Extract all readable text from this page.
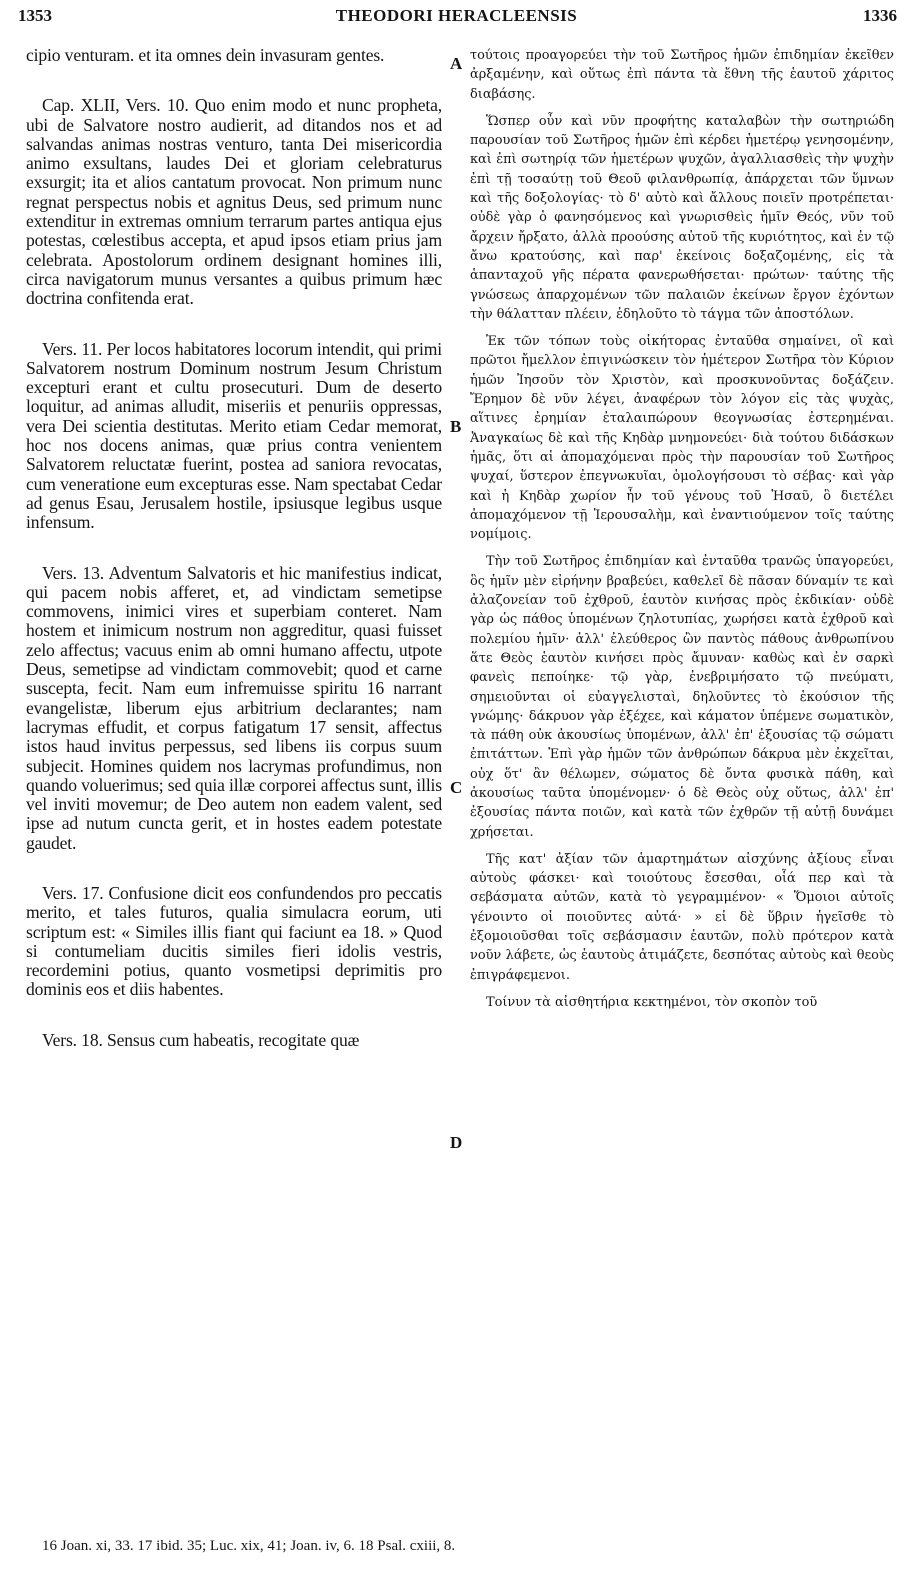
1353	THEODORI HERACLEENSIS	1336

cipio venturam. et ita omnes dein invasuram gentes.

Cap. XLII, Vers. 10. Quo enim modo et nunc propheta, ubi de Salvatore nostro audierit, ad ditandos nos et ad salvandas animas nostras venturo, tanta Dei misericordia animo exsultans, laudes Dei et gloriam celebraturus exsurgit; ita et alios cantatum provocat. Non primum nunc regnat perspectus nobis et agnitus Deus, sed primum nunc extenditur in extremas omnium terrarum partes antiqua ejus potestas, cœlestibus accepta, et apud ipsos etiam prius jam celebrata. Apostolorum ordinem designant homines illi, circa navigatorum munus versantes a quibus primum hæc doctrina confitenda erat.

Vers. 11. Per locos habitatores locorum intendit, qui primi Salvatorem nostrum Dominum nostrum Jesum Christum excepturi erant et cultu prosecuturi. Dum de deserto loquitur, ad animas alludit, miseriis et penuriis oppressas, vera Dei scientia destitutas. Merito etiam Cedar memorat, hoc nos docens animas, quæ prius contra venientem Salvatorem reluctatæ fuerint, postea ad saniora revocatas, cum veneratione eum excepturas esse. Nam spectabat Cedar ad genus Esau, Jerusalem hostile, ipsiusque legibus usque infensum.

Vers. 13. Adventum Salvatoris et hic manifestius indicat, qui pacem nobis afferet, et, ad vindictam semetipse commovens, inimici vires et superbiam conteret. Nam hostem et inimicum nostrum non aggreditur, quasi fuisset zelo affectus; vacuus enim ab omni humano affectu, utpote Deus, semetipse ad vindictam commovebit; quod et carne suscepta, fecit. Nam eum infremuisse spiritu 16 narrant evangelistæ, liberum ejus arbitrium declarantes; nam lacrymas effudit, et corpus fatigatum 17 sensit, affectus istos haud invitus perpessus, sed libens iis corpus suum subjecit. Homines quidem nos lacrymas profundimus, non quando voluerimus; sed quia illæ corporei affectus sunt, illis vel inviti movemur; de Deo autem non eadem valent, sed ipse ad nutum cuncta gerit, et in hostes eadem potestate gaudet.

Vers. 17. Confusione dicit eos confundendos pro peccatis merito, et tales futuros, qualia simulacra eorum, uti scriptum est: « Similes illis fiant qui faciunt ea 18. » Quod si contumeliam ducitis similes fieri idolis vestris, recordemini potius, quanto vosmetipsi deprimitis pro dominis eos et diis habentes.

Vers. 18. Sensus cum habeatis, recogitate quæ

τούτοις προαγορεύει τὴν τοῦ Σωτῆρος ἡμῶν ἐπιδημίαν ἐκεῖθεν ἀρξαμένην, καὶ οὕτως ἐπὶ πάντα τὰ ἔθνη τῆς ἑαυτοῦ χάριτος διαβάσης.

Ὥσπερ οὖν καὶ νῦν προφήτης καταλαβὼν τὴν σωτηριώδη παρουσίαν τοῦ Σωτῆρος ἡμῶν ἐπὶ κέρδει ἡμετέρῳ γενησομένην, καὶ ἐπὶ σωτηρίᾳ τῶν ἡμετέρων ψυχῶν, ἀγαλλιασθεὶς τὴν ψυχὴν ἐπὶ τῇ τοσαύτῃ τοῦ Θεοῦ φιλανθρωπίᾳ, ἀπάρχεται τῶν ὕμνων καὶ τῆς δοξολογίας· τὸ δ' αὐτὸ καὶ ἄλλους ποιεῖν προτρέπεται· οὐδὲ γὰρ ὁ φανησόμενος καὶ γνωρισθεὶς ἡμῖν Θεός, νῦν τοῦ ἄρχειν ἤρξατο, ἀλλὰ προούσης αὐτοῦ τῆς κυριότητος, καὶ ἐν τῷ ἄνω κρατούσης, καὶ παρ' ἐκείνοις δοξαζομένης, εἰς τὰ ἁπανταχοῦ γῆς πέρατα φανερωθήσεται· πρώτων· ταύτης τῆς γνώσεως ἀπαρχομένων τῶν παλαιῶν ἐκείνων ἔργον ἐχόντων τὴν θάλατταν πλέειν, ἐδηλοῦτο τὸ τάγμα τῶν ἀποστόλων.

Ἐκ τῶν τόπων τοὺς οἰκήτορας ἐνταῦθα σημαίνει, οἳ καὶ πρῶτοι ἤμελλον ἐπιγινώσκειν τὸν ἡμέτερον Σωτῆρα τὸν Κύριον ἡμῶν Ἰησοῦν τὸν Χριστὸν, καὶ προσκυνοῦντας δοξάζειν. Ἔρημον δὲ νῦν λέγει, ἀναφέρων τὸν λόγον εἰς τὰς ψυχὰς, αἵτινες ἐρημίαν ἐταλαιπώρουν θεογνωσίας ἐστερημέναι. Ἀναγκαίως δὲ καὶ τῆς Κηδὰρ μνημονεύει· διὰ τούτου διδάσκων ἡμᾶς, ὅτι αἱ ἀπομαχόμεναι πρὸς τὴν παρουσίαν τοῦ Σωτῆρος ψυχαί, ὕστερον ἐπεγνωκυῖαι, ὁμολογήσουσι τὸ σέβας· καὶ γὰρ καὶ ἡ Κηδὰρ χωρίον ἦν τοῦ γένους τοῦ Ἡσαῦ, ὃ διετέλει ἀπομαχόμενον τῇ Ἱερουσαλὴμ, καὶ ἐναντιούμενον τοῖς ταύτης νομίμοις.

Τὴν τοῦ Σωτῆρος ἐπιδημίαν καὶ ἐνταῦθα τρανῶς ὑπαγορεύει, ὃς ἡμῖν μὲν εἰρήνην βραβεύει, καθελεῖ δὲ πᾶσαν δύναμίν τε καὶ ἀλαζονείαν τοῦ ἐχθροῦ, ἑαυτὸν κινήσας πρὸς ἐκδικίαν· οὐδὲ γὰρ ὡς πάθος ὑπομένων ζηλοτυπίας, χωρήσει κατὰ ἐχθροῦ καὶ πολεμίου ἡμῖν· ἀλλ' ἐλεύθερος ὢν παντὸς πάθους ἀνθρωπίνου ἅτε Θεὸς ἑαυτὸν κινήσει πρὸς ἄμυναν· καθὼς καὶ ἐν σαρκὶ φανεὶς πεποίηκε· τῷ γὰρ, ἐνεβριμήσατο τῷ πνεύματι, σημειοῦνται οἱ εὐαγγελισταὶ, δηλοῦντες τὸ ἑκούσιον τῆς γνώμης· δάκρυον γὰρ ἐξέχεε, καὶ κάματον ὑπέμενε σωματικὸν, τὰ πάθη οὐκ ἀκουσίως ὑπομένων, ἀλλ' ἐπ' ἐξουσίας τῷ σώματι ἐπιτάττων. Ἐπὶ γὰρ ἡμῶν τῶν ἀνθρώπων δάκρυα μὲν ἐκχεῖται, οὐχ ὅτ' ἂν θέλωμεν, σώματος δὲ ὄντα φυσικὰ πάθη, καὶ ἀκουσίως ταῦτα ὑπομένομεν· ὁ δὲ Θεὸς οὐχ οὕτως, ἀλλ' ἐπ' ἐξουσίας πάντα ποιῶν, καὶ κατὰ τῶν ἐχθρῶν τῇ αὐτῇ δυνάμει χρήσεται.

Τῆς κατ' ἀξίαν τῶν ἁμαρτημάτων αἰσχύνης ἀξίους εἶναι αὐτοὺς φάσκει· καὶ τοιούτους ἔσεσθαι, οἷά περ καὶ τὰ σεβάσματα αὐτῶν, κατὰ τὸ γεγραμμένον· « Ὅμοιοι αὐτοῖς γένοιντο οἱ ποιοῦντες αὐτά· » εἰ δὲ ὕβριν ἡγεῖσθε τὸ ἐξομοιοῦσθαι τοῖς σεβάσμασιν ἑαυτῶν, πολὺ πρότερον κατὰ νοῦν λάβετε, ὡς ἑαυτοὺς ἀτιμάζετε, δεσπότας αὐτοὺς καὶ θεοὺς ἐπιγράφεμενοι.

Τοίνυν τὰ αἰσθητήρια κεκτημένοι, τὸν σκοπὸν τοῦ

A
B
C
D
16 Joan. xi, 33. 17 ibid. 35; Luc. xix, 41; Joan. iv, 6. 18 Psal. cxiii, 8.
